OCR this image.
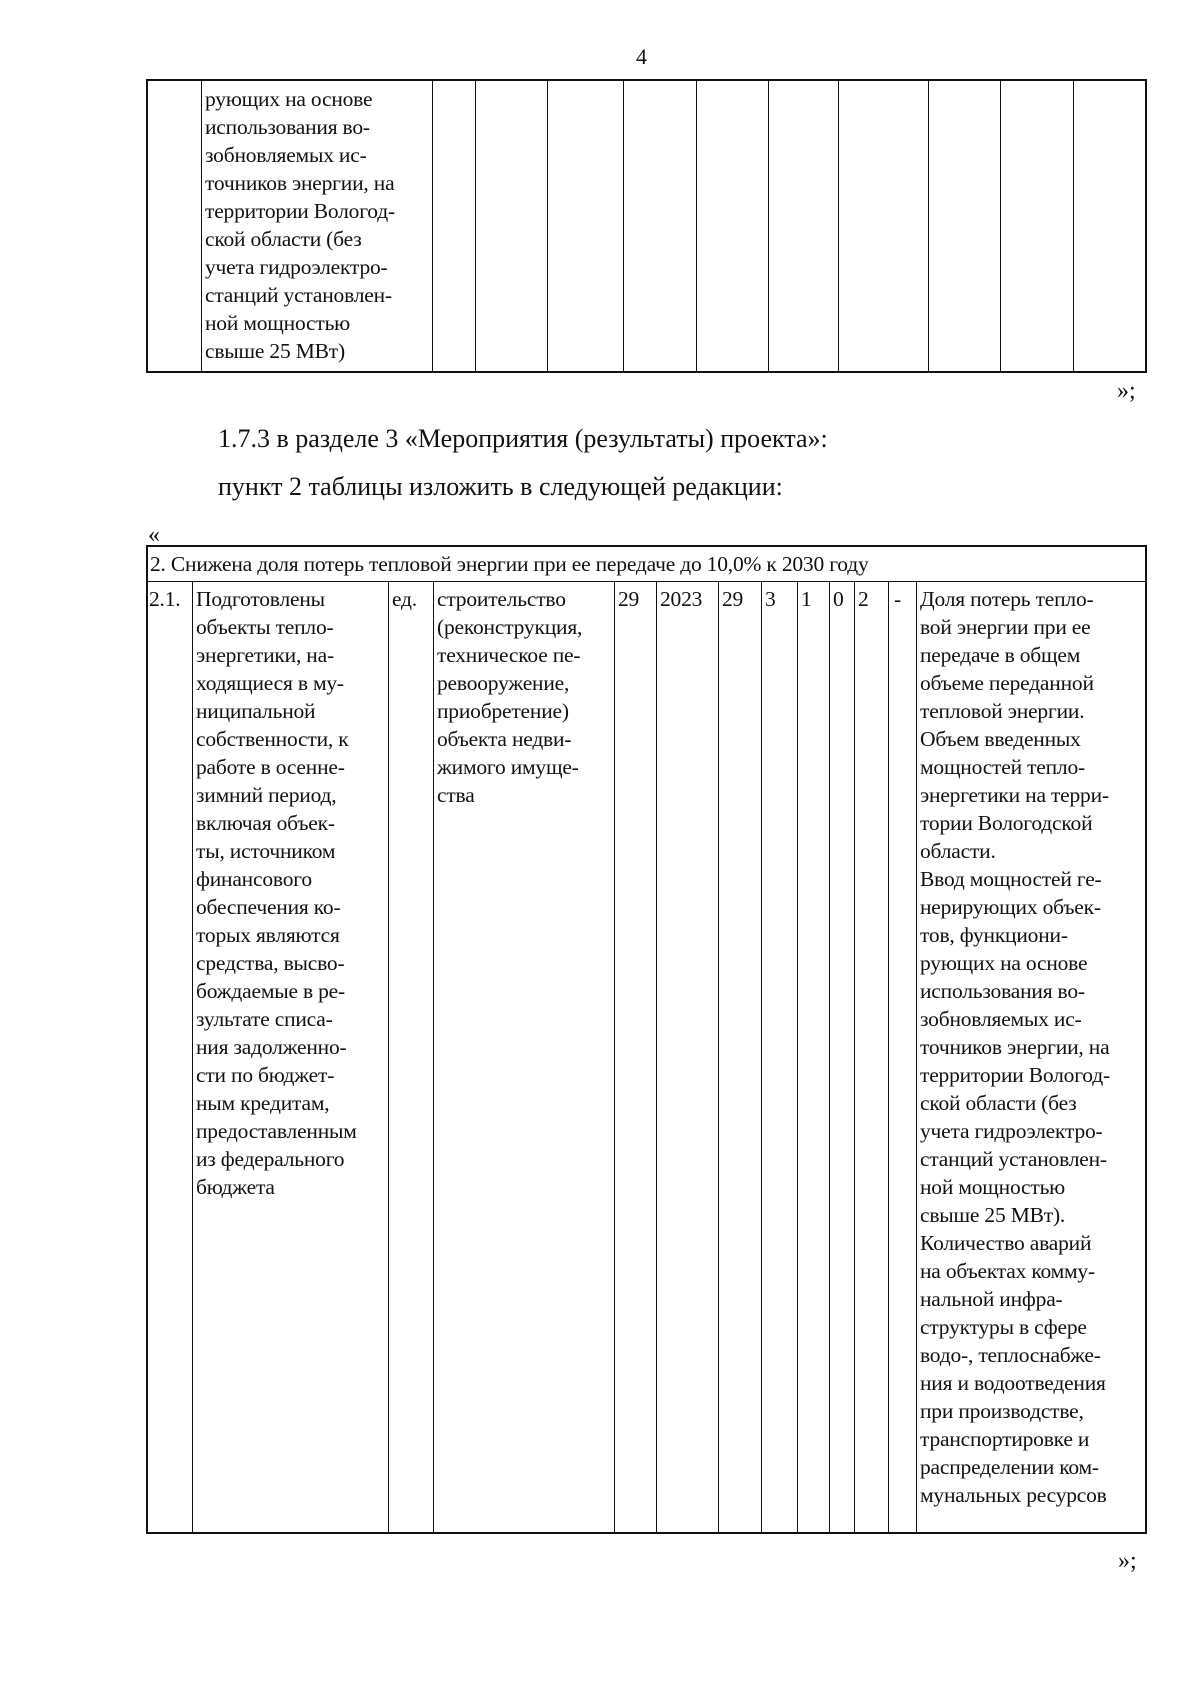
4
рующих на основе
использования во-
зобновляемых ис-
точников энергии, на
территории Вологод-
ской области (без
учета гидроэлектро-
станций установлен-
ной мощностью
свыше 25 МВт)
»;
1.7.3 в разделе 3 «Мероприятия (результаты) проекта»:
пункт 2 таблицы изложить в следующей редакции:
«
2. Снижена доля потерь тепловой энергии при ее передаче до 10,0% к 2030 году
2.1. Подготовлены
объекты тепло-
энергетики, на-
ходящиеся в му-
ниципальной
собственности, к
работе в осенне-
зимний период,
включая объек-
ты, источником
финансового
обеспечения ко-
торых являются
средства, высво-
бождаемые в ре-
зультате списа-
ния задолженно-
сти по бюджет-
ным кредитам,
предоставленным
из федерального
бюджета
ед. строительство
(реконструкция,
техническое пе-
ревооружение,
приобретение)
объекта недви-
жимого имуще-
ства
29 2023 29 3 1 0 2 - Доля потерь тепло-
вой энергии при ее
передаче в общем
объеме переданной
тепловой энергии.
Объем введенных
мощностей тепло-
энергетики на терри-
тории Вологодской
области.
Ввод мощностей ге-
нерирующих объек-
тов, функциони-
рующих на основе
использования во-
зобновляемых ис-
точников энергии, на
территории Вологод-
ской области (без
учета гидроэлектро-
станций установлен-
ной мощностью
свыше 25 МВт).
Количество аварий
на объектах комму-
нальной инфра-
структуры в сфере
водо-, теплоснабже-
ния и водоотведения
при производстве,
транспортировке и
распределении ком-
мунальных ресурсов
»;
